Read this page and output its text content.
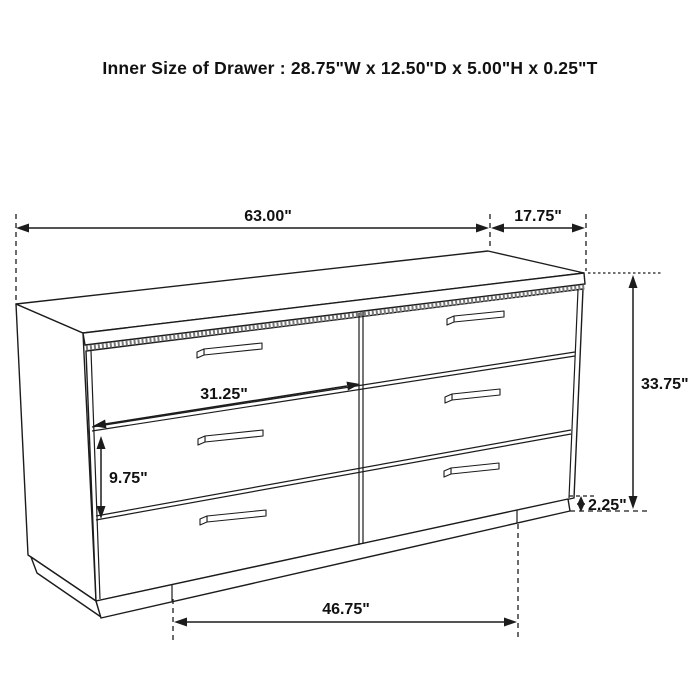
Inner Size of Drawer : 28.75"W x 12.50"D x 5.00"H x 0.25"T
63.00"	17.75"
33.75"
31.25"
9.75"
2.25"
46.75"
